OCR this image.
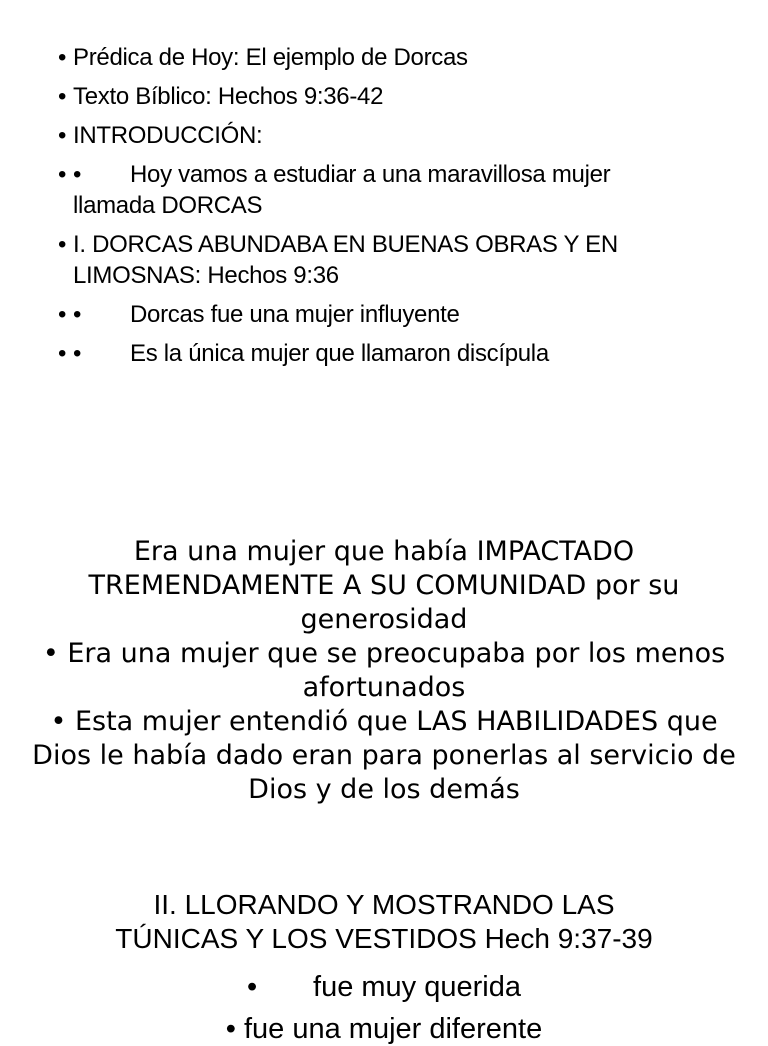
• Prédica de Hoy: El ejemplo de Dorcas
• Texto Bíblico: Hechos 9:36-42
• INTRODUCCIÓN:
• • Hoy vamos a estudiar a una maravillosa mujer llamada DORCAS
• I. DORCAS ABUNDABA EN BUENAS OBRAS Y EN LIMOSNAS: Hechos 9:36
• • Dorcas fue una mujer influyente
• • Es la única mujer que llamaron discípula

Era una mujer que había IMPACTADO TREMENDAMENTE A SU COMUNIDAD por su generosidad

• Era una mujer que se preocupaba por los menos afortunados

• Esta mujer entendió que LAS HABILIDADES que Dios le había dado eran para ponerlas al servicio de Dios y de los demás

II. LLORANDO Y MOSTRANDO LAS

TÚNICAS Y LOS VESTIDOS Hech 9:37-39

• fue muy querida

• fue una mujer diferente
